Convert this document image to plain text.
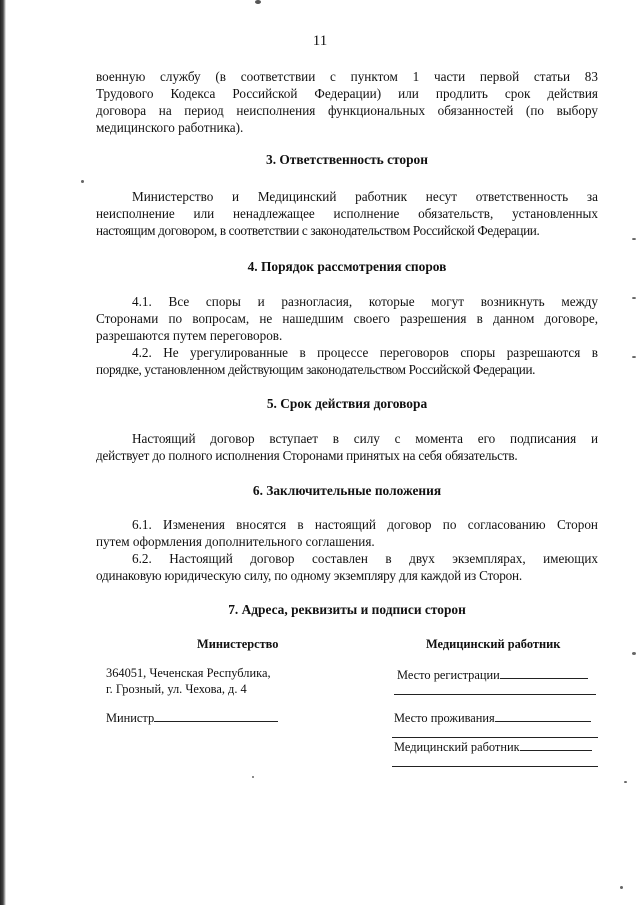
11
военную службу (в соответствии с пунктом 1 части первой статьи 83
Трудового Кодекса Российской Федерации) или продлить срок действия
договора на период неисполнения функциональных обязанностей (по выбору
медицинского работника).
3. Ответственность сторон
Министерство и Медицинский работник несут ответственность за
неисполнение или ненадлежащее исполнение обязательств, установленных
настоящим договором, в соответствии с законодательством Российской Федерации.
4. Порядок рассмотрения споров
4.1. Все споры и разногласия, которые могут возникнуть между
Сторонами по вопросам, не нашедшим своего разрешения в данном договоре,
разрешаются путем переговоров.
4.2. Не урегулированные в процессе переговоров споры разрешаются в
порядке, установленном действующим законодательством Российской Федерации.
5. Срок действия договора
Настоящий договор вступает в силу с момента его подписания и
действует до полного исполнения Сторонами принятых на себя обязательств.
6. Заключительные положения
6.1. Изменения вносятся в настоящий договор по согласованию Сторон
путем оформления дополнительного соглашения.
6.2. Настоящий договор составлен в двух экземплярах, имеющих
одинаковую юридическую силу, по одному экземпляру для каждой из Сторон.
7. Адреса, реквизиты и подписи сторон
Министерство	Медицинский работник
364051, Чеченская Республика,
г. Грозный, ул. Чехова, д. 4
Министр
Место регистрации
Место проживания
Медицинский работник
